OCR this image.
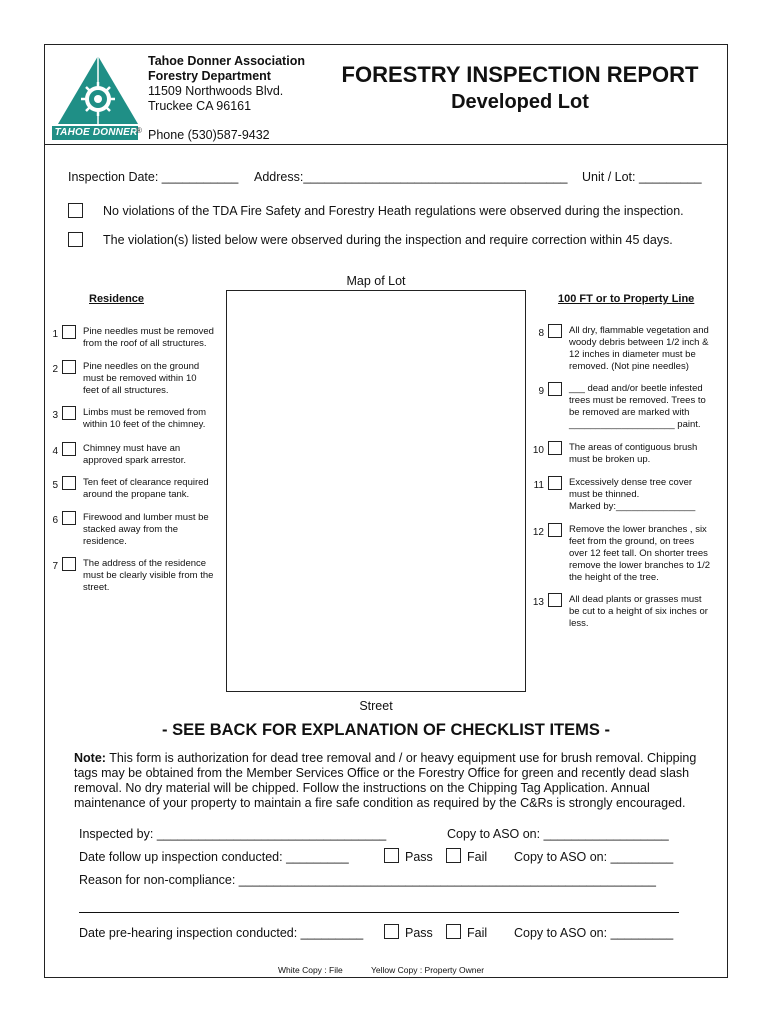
TAHOE DONNER
®
Tahoe Donner Association
Forestry Department
11509 Northwoods Blvd.
Truckee CA 96161
Phone (530)587-9432
FORESTRY INSPECTION REPORT
Developed Lot
Inspection Date: ___________ Address:______________________________________ Unit / Lot: _________
No violations of the TDA Fire Safety and Forestry Heath regulations were observed during the inspection.
The violation(s) listed below were observed during the inspection and require correction within 45 days.
Residence	100 FT or to Property Line
Map of Lot
Street
1	Pine needles must be removed
from the roof of all structures.
2	Pine needles on the ground
must be removed within 10
feet of all structures.
3	Limbs must be removed from
within 10 feet of the chimney.
4	Chimney must have an
approved spark arrestor.
5	Ten feet of clearance required
around the propane tank.
6	Firewood and lumber must be
stacked away from the
residence.
7	The address of the residence
must be clearly visible from the
street.
8	All dry, flammable vegetation and
woody debris between 1/2 inch &
12 inches in diameter must be
removed. (Not pine needles)
9	___ dead and/or beetle infested
trees must be removed. Trees to
be removed are marked with
____________________ paint.
10	The areas of contiguous brush
must be broken up.
11	Excessively dense tree cover
must be thinned.
Marked by:_______________
12	Remove the lower branches , six
feet from the ground, on trees
over 12 feet tall. On shorter trees
remove the lower branches to 1/2
the height of the tree.
13	All dead plants or grasses must
be cut to a height of six inches or
less.
- SEE BACK FOR EXPLANATION OF CHECKLIST ITEMS -
Note: This form is authorization for dead tree removal and / or heavy equipment use for brush removal. Chipping tags may be obtained from the Member Services Office or the Forestry Office for green and recently dead slash removal. No dry material will be chipped. Follow the instructions on the Chipping Tag Application. Annual maintenance of your property to maintain a fire safe condition as required by the C&Rs is strongly encouraged.
Inspected by: _________________________________	Copy to ASO on: __________________
Date follow up inspection conducted: _________	Pass	Fail Copy to ASO on: _________
Reason for non-compliance: ____________________________________________________________
Date pre-hearing inspection conducted: _________	Pass	Fail Copy to ASO on: _________
White Copy : File	Yellow Copy : Property Owner
